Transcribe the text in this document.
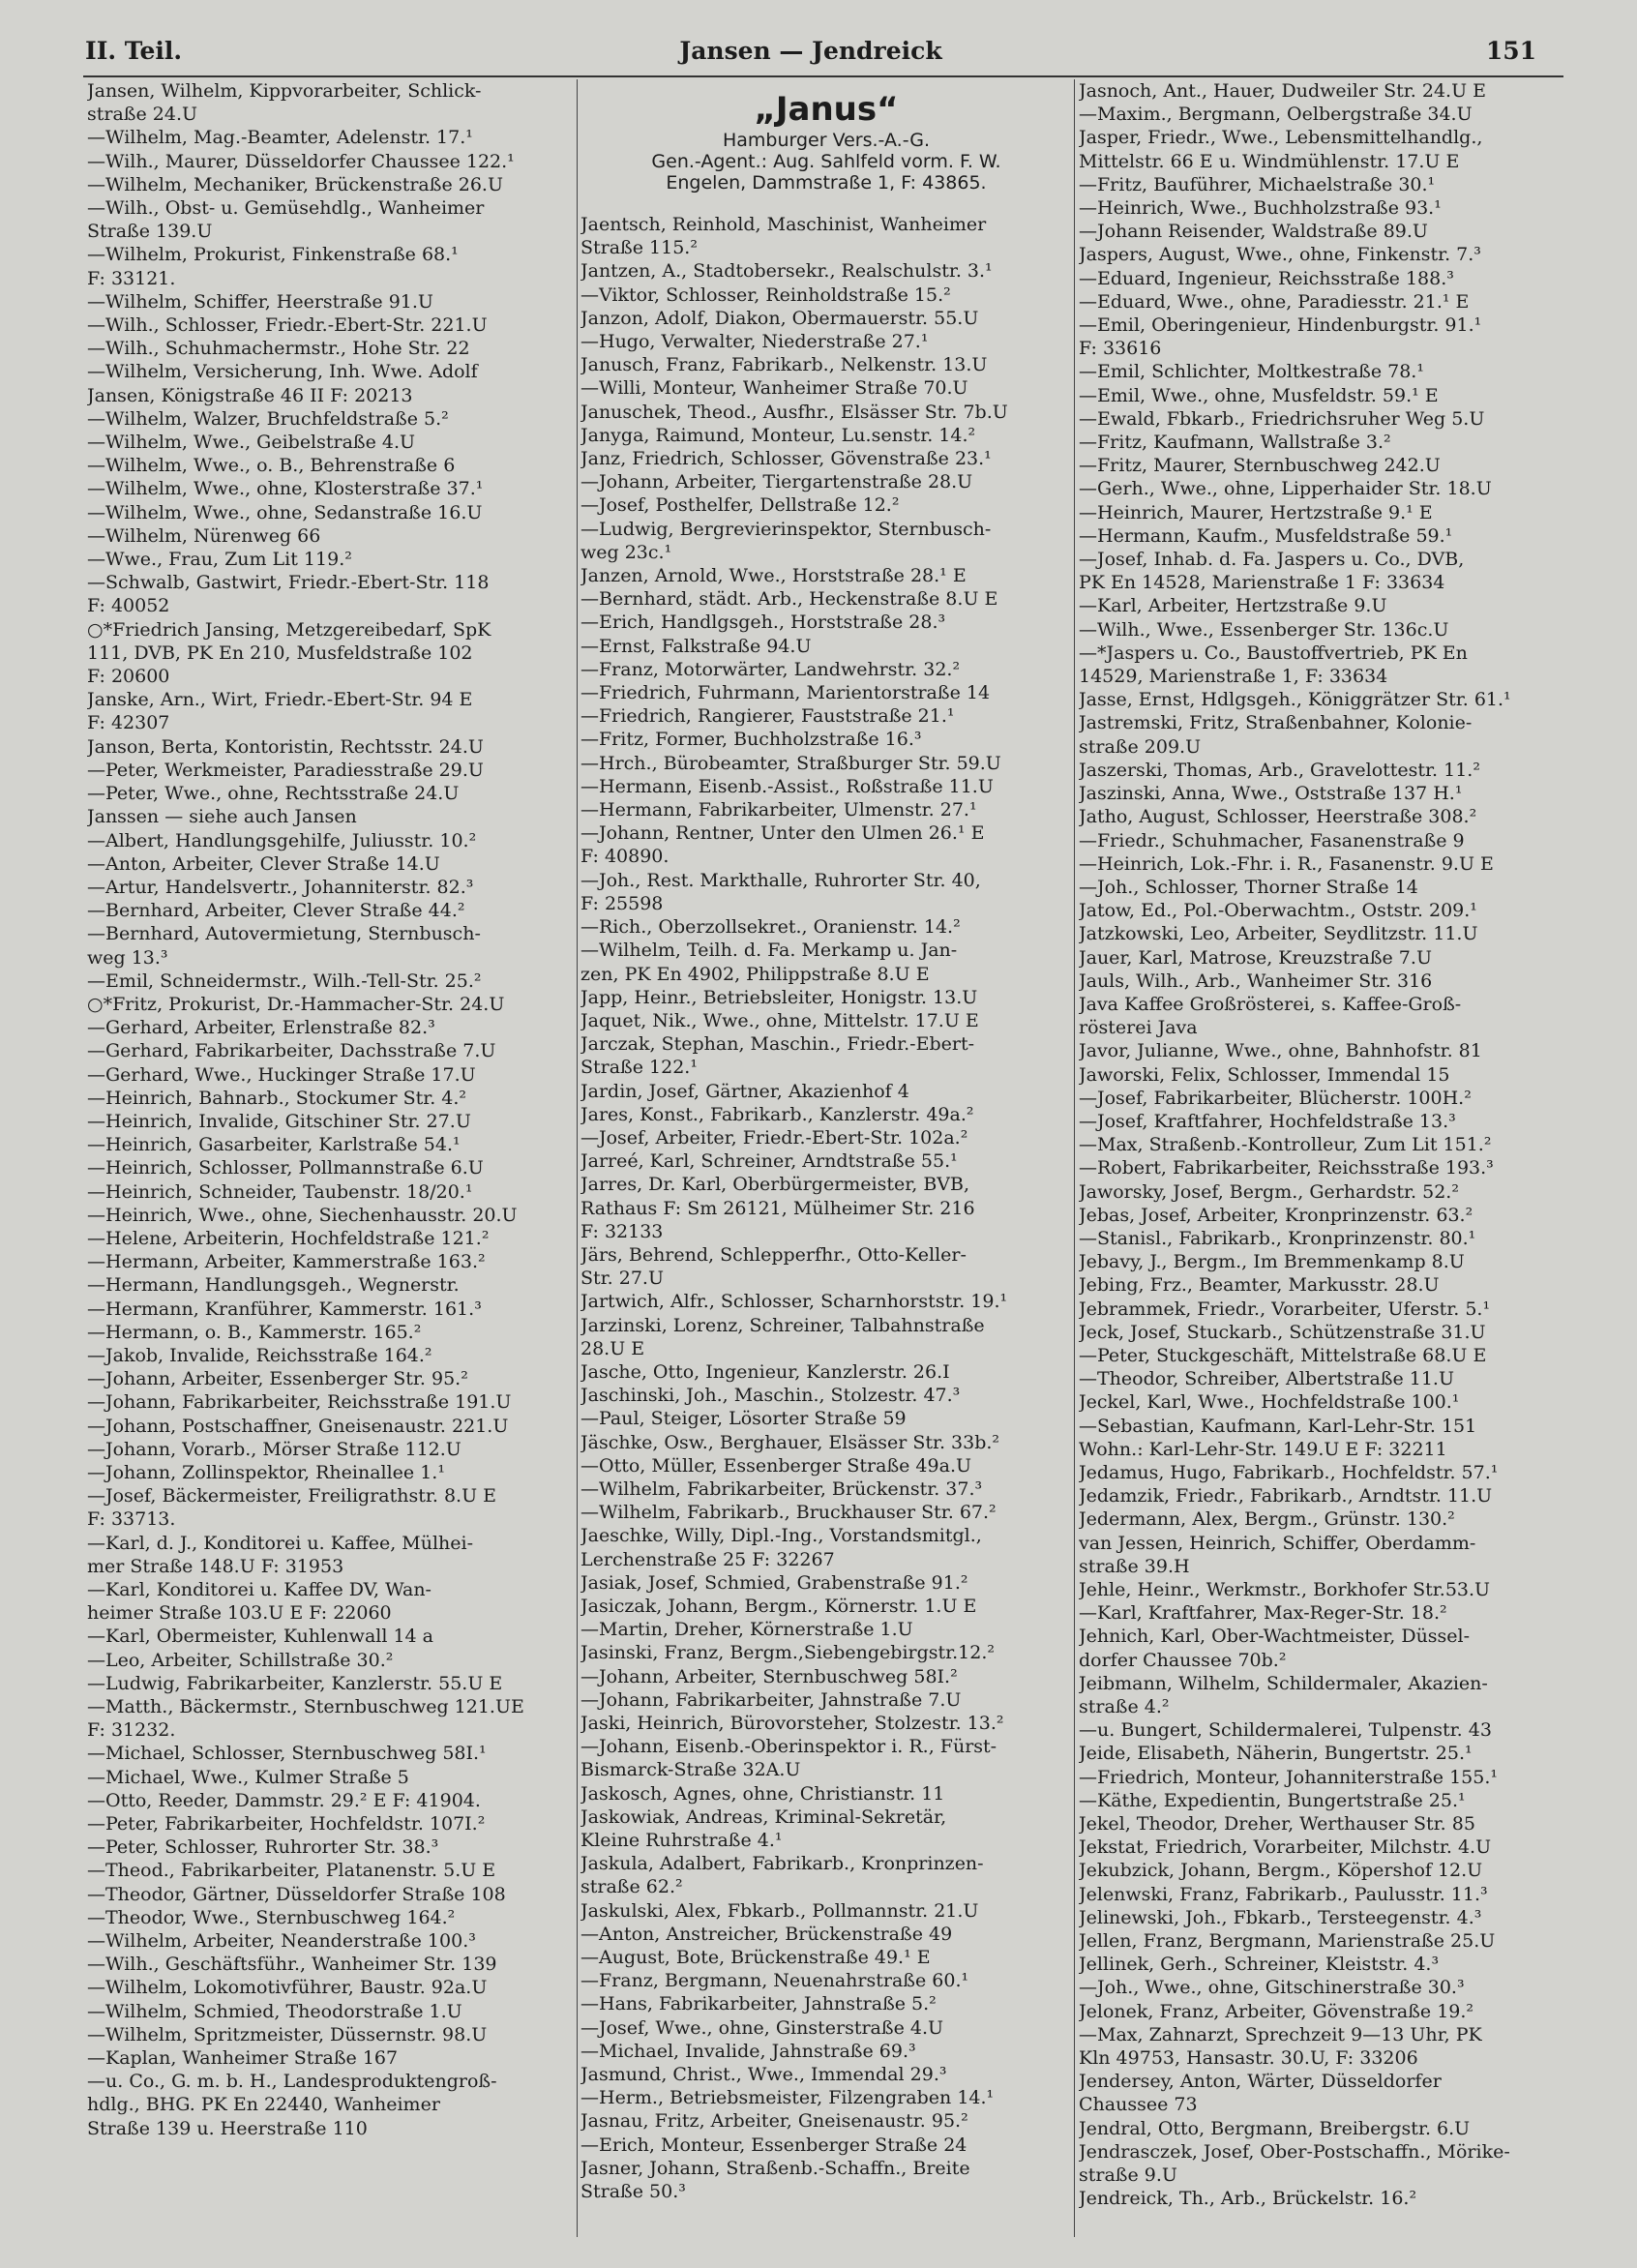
II. Teil.	Jansen — Jendreick	151
Jansen, Wilhelm, Kippvorarbeiter, Schlick-
straße 24.U
—Wilhelm, Mag.-Beamter, Adelenstr. 17.¹
—Wilh., Maurer, Düsseldorfer Chaussee 122.¹
—Wilhelm, Mechaniker, Brückenstraße 26.U
—Wilh., Obst- u. Gemüsehdlg., Wanheimer
Straße 139.U
—Wilhelm, Prokurist, Finkenstraße 68.¹
F: 33121.
—Wilhelm, Schiffer, Heerstraße 91.U
—Wilh., Schlosser, Friedr.-Ebert-Str. 221.U
—Wilh., Schuhmachermstr., Hohe Str. 22
—Wilhelm, Versicherung, Inh. Wwe. Adolf
Jansen, Königstraße 46 II F: 20213
—Wilhelm, Walzer, Bruchfeldstraße 5.²
—Wilhelm, Wwe., Geibelstraße 4.U
—Wilhelm, Wwe., o. B., Behrenstraße 6
—Wilhelm, Wwe., ohne, Klosterstraße 37.¹
—Wilhelm, Wwe., ohne, Sedanstraße 16.U
—Wilhelm, Nürenweg 66
—Wwe., Frau, Zum Lit 119.²
—Schwalb, Gastwirt, Friedr.-Ebert-Str. 118
F: 40052
○*Friedrich Jansing, Metzgereibedarf, SpK
111, DVB, PK En 210, Musfeldstraße 102
F: 20600
Janske, Arn., Wirt, Friedr.-Ebert-Str. 94 E
F: 42307
Janson, Berta, Kontoristin, Rechtsstr. 24.U
—Peter, Werkmeister, Paradiesstraße 29.U
—Peter, Wwe., ohne, Rechtsstraße 24.U
Janssen — siehe auch Jansen
—Albert, Handlungsgehilfe, Juliusstr. 10.²
—Anton, Arbeiter, Clever Straße 14.U
—Artur, Handelsvertr., Johanniterstr. 82.³
—Bernhard, Arbeiter, Clever Straße 44.²
—Bernhard, Autovermietung, Sternbusch-
weg 13.³
—Emil, Schneidermstr., Wilh.-Tell-Str. 25.²
○*Fritz, Prokurist, Dr.-Hammacher-Str. 24.U
—Gerhard, Arbeiter, Erlenstraße 82.³
—Gerhard, Fabrikarbeiter, Dachsstraße 7.U
—Gerhard, Wwe., Huckinger Straße 17.U
—Heinrich, Bahnarb., Stockumer Str. 4.²
—Heinrich, Invalide, Gitschiner Str. 27.U
—Heinrich, Gasarbeiter, Karlstraße 54.¹
—Heinrich, Schlosser, Pollmannstraße 6.U
—Heinrich, Schneider, Taubenstr. 18/20.¹
—Heinrich, Wwe., ohne, Siechenhausstr. 20.U
—Helene, Arbeiterin, Hochfeldstraße 121.²
—Hermann, Arbeiter, Kammerstraße 163.²
—Hermann, Handlungsgeh., Wegnerstr.
—Hermann, Kranführer, Kammerstr. 161.³
—Hermann, o. B., Kammerstr. 165.²
—Jakob, Invalide, Reichsstraße 164.²
—Johann, Arbeiter, Essenberger Str. 95.²
—Johann, Fabrikarbeiter, Reichsstraße 191.U
—Johann, Postschaffner, Gneisenaustr. 221.U
—Johann, Vorarb., Mörser Straße 112.U
—Johann, Zollinspektor, Rheinallee 1.¹
—Josef, Bäckermeister, Freiligrathstr. 8.U E
F: 33713.
—Karl, d. J., Konditorei u. Kaffee, Mülhei-
mer Straße 148.U F: 31953
—Karl, Konditorei u. Kaffee DV, Wan-
heimer Straße 103.U E F: 22060
—Karl, Obermeister, Kuhlenwall 14 a
—Leo, Arbeiter, Schillstraße 30.²
—Ludwig, Fabrikarbeiter, Kanzlerstr. 55.U E
—Matth., Bäckermstr., Sternbuschweg 121.UE
F: 31232.
—Michael, Schlosser, Sternbuschweg 58I.¹
—Michael, Wwe., Kulmer Straße 5
—Otto, Reeder, Dammstr. 29.² E F: 41904.
—Peter, Fabrikarbeiter, Hochfeldstr. 107I.²
—Peter, Schlosser, Ruhrorter Str. 38.³
—Theod., Fabrikarbeiter, Platanenstr. 5.U E
—Theodor, Gärtner, Düsseldorfer Straße 108
—Theodor, Wwe., Sternbuschweg 164.²
—Wilhelm, Arbeiter, Neanderstraße 100.³
—Wilh., Geschäftsführ., Wanheimer Str. 139
—Wilhelm, Lokomotivführer, Baustr. 92a.U
—Wilhelm, Schmied, Theodorstraße 1.U
—Wilhelm, Spritzmeister, Düssernstr. 98.U
—Kaplan, Wanheimer Straße 167
—u. Co., G. m. b. H., Landesproduktengroß-
hdlg., BHG. PK En 22440, Wanheimer
Straße 139 u. Heerstraße 110
„Janus“
Hamburger Vers.-A.-G.
Gen.-Agent.: Aug. Sahlfeld vorm. F. W.
Engelen, Dammstraße 1, F: 43865.
Jaentsch, Reinhold, Maschinist, Wanheimer
Straße 115.²
Jantzen, A., Stadtobersekr., Realschulstr. 3.¹
—Viktor, Schlosser, Reinholdstraße 15.²
Janzon, Adolf, Diakon, Obermauerstr. 55.U
—Hugo, Verwalter, Niederstraße 27.¹
Janusch, Franz, Fabrikarb., Nelkenstr. 13.U
—Willi, Monteur, Wanheimer Straße 70.U
Januschek, Theod., Ausfhr., Elsässer Str. 7b.U
Janyga, Raimund, Monteur, Lu.senstr. 14.²
Janz, Friedrich, Schlosser, Gövenstraße 23.¹
—Johann, Arbeiter, Tiergartenstraße 28.U
—Josef, Posthelfer, Dellstraße 12.²
—Ludwig, Bergrevierinspektor, Sternbusch-
weg 23c.¹
Janzen, Arnold, Wwe., Horststraße 28.¹ E
—Bernhard, städt. Arb., Heckenstraße 8.U E
—Erich, Handlgsgeh., Horststraße 28.³
—Ernst, Falkstraße 94.U
—Franz, Motorwärter, Landwehrstr. 32.²
—Friedrich, Fuhrmann, Marientorstraße 14
—Friedrich, Rangierer, Fauststraße 21.¹
—Fritz, Former, Buchholzstraße 16.³
—Hrch., Bürobeamter, Straßburger Str. 59.U
—Hermann, Eisenb.-Assist., Roßstraße 11.U
—Hermann, Fabrikarbeiter, Ulmenstr. 27.¹
—Johann, Rentner, Unter den Ulmen 26.¹ E
F: 40890.
—Joh., Rest. Markthalle, Ruhrorter Str. 40,
F: 25598
—Rich., Oberzollsekret., Oranienstr. 14.²
—Wilhelm, Teilh. d. Fa. Merkamp u. Jan-
zen, PK En 4902, Philippstraße 8.U E
Japp, Heinr., Betriebsleiter, Honigstr. 13.U
Jaquet, Nik., Wwe., ohne, Mittelstr. 17.U E
Jarczak, Stephan, Maschin., Friedr.-Ebert-
Straße 122.¹
Jardin, Josef, Gärtner, Akazienhof 4
Jares, Konst., Fabrikarb., Kanzlerstr. 49a.²
—Josef, Arbeiter, Friedr.-Ebert-Str. 102a.²
Jarreé, Karl, Schreiner, Arndtstraße 55.¹
Jarres, Dr. Karl, Oberbürgermeister, BVB,
Rathaus F: Sm 26121, Mülheimer Str. 216
F: 32133
Järs, Behrend, Schlepperfhr., Otto-Keller-
Str. 27.U
Jartwich, Alfr., Schlosser, Scharnhorststr. 19.¹
Jarzinski, Lorenz, Schreiner, Talbahnstraße
28.U E
Jasche, Otto, Ingenieur, Kanzlerstr. 26.I
Jaschinski, Joh., Maschin., Stolzestr. 47.³
—Paul, Steiger, Lösorter Straße 59
Jäschke, Osw., Berghauer, Elsässer Str. 33b.²
—Otto, Müller, Essenberger Straße 49a.U
—Wilhelm, Fabrikarbeiter, Brückenstr. 37.³
—Wilhelm, Fabrikarb., Bruckhauser Str. 67.²
Jaeschke, Willy, Dipl.-Ing., Vorstandsmitgl.,
Lerchenstraße 25 F: 32267
Jasiak, Josef, Schmied, Grabenstraße 91.²
Jasiczak, Johann, Bergm., Körnerstr. 1.U E
—Martin, Dreher, Körnerstraße 1.U
Jasinski, Franz, Bergm.,Siebengebirgstr.12.²
—Johann, Arbeiter, Sternbuschweg 58I.²
—Johann, Fabrikarbeiter, Jahnstraße 7.U
Jaski, Heinrich, Bürovorsteher, Stolzestr. 13.²
—Johann, Eisenb.-Oberinspektor i. R., Fürst-
Bismarck-Straße 32A.U
Jaskosch, Agnes, ohne, Christianstr. 11
Jaskowiak, Andreas, Kriminal-Sekretär,
Kleine Ruhrstraße 4.¹
Jaskula, Adalbert, Fabrikarb., Kronprinzen-
straße 62.²
Jaskulski, Alex, Fbkarb., Pollmannstr. 21.U
—Anton, Anstreicher, Brückenstraße 49
—August, Bote, Brückenstraße 49.¹ E
—Franz, Bergmann, Neuenahrstraße 60.¹
—Hans, Fabrikarbeiter, Jahnstraße 5.²
—Josef, Wwe., ohne, Ginsterstraße 4.U
—Michael, Invalide, Jahnstraße 69.³
Jasmund, Christ., Wwe., Immendal 29.³
—Herm., Betriebsmeister, Filzengraben 14.¹
Jasnau, Fritz, Arbeiter, Gneisenaustr. 95.²
—Erich, Monteur, Essenberger Straße 24
Jasner, Johann, Straßenb.-Schaffn., Breite
Straße 50.³
Jasnoch, Ant., Hauer, Dudweiler Str. 24.U E
—Maxim., Bergmann, Oelbergstraße 34.U
Jasper, Friedr., Wwe., Lebensmittelhandlg.,
Mittelstr. 66 E u. Windmühlenstr. 17.U E
—Fritz, Bauführer, Michaelstraße 30.¹
—Heinrich, Wwe., Buchholzstraße 93.¹
—Johann Reisender, Waldstraße 89.U
Jaspers, August, Wwe., ohne, Finkenstr. 7.³
—Eduard, Ingenieur, Reichsstraße 188.³
—Eduard, Wwe., ohne, Paradiesstr. 21.¹ E
—Emil, Oberingenieur, Hindenburgstr. 91.¹
F: 33616
—Emil, Schlichter, Moltkestraße 78.¹
—Emil, Wwe., ohne, Musfeldstr. 59.¹ E
—Ewald, Fbkarb., Friedrichsruher Weg 5.U
—Fritz, Kaufmann, Wallstraße 3.²
—Fritz, Maurer, Sternbuschweg 242.U
—Gerh., Wwe., ohne, Lipperhaider Str. 18.U
—Heinrich, Maurer, Hertzstraße 9.¹ E
—Hermann, Kaufm., Musfeldstraße 59.¹
—Josef, Inhab. d. Fa. Jaspers u. Co., DVB,
PK En 14528, Marienstraße 1 F: 33634
—Karl, Arbeiter, Hertzstraße 9.U
—Wilh., Wwe., Essenberger Str. 136c.U
—*Jaspers u. Co., Baustoffvertrieb, PK En
14529, Marienstraße 1, F: 33634
Jasse, Ernst, Hdlgsgeh., Königgrätzer Str. 61.¹
Jastremski, Fritz, Straßenbahner, Kolonie-
straße 209.U
Jaszerski, Thomas, Arb., Gravelottestr. 11.²
Jaszinski, Anna, Wwe., Oststraße 137 H.¹
Jatho, August, Schlosser, Heerstraße 308.²
—Friedr., Schuhmacher, Fasanenstraße 9
—Heinrich, Lok.-Fhr. i. R., Fasanenstr. 9.U E
—Joh., Schlosser, Thorner Straße 14
Jatow, Ed., Pol.-Oberwachtm., Oststr. 209.¹
Jatzkowski, Leo, Arbeiter, Seydlitzstr. 11.U
Jauer, Karl, Matrose, Kreuzstraße 7.U
Jauls, Wilh., Arb., Wanheimer Str. 316
Java Kaffee Großrösterei, s. Kaffee-Groß-
rösterei Java
Javor, Julianne, Wwe., ohne, Bahnhofstr. 81
Jaworski, Felix, Schlosser, Immendal 15
—Josef, Fabrikarbeiter, Blücherstr. 100H.²
—Josef, Kraftfahrer, Hochfeldstraße 13.³
—Max, Straßenb.-Kontrolleur, Zum Lit 151.²
—Robert, Fabrikarbeiter, Reichsstraße 193.³
Jaworsky, Josef, Bergm., Gerhardstr. 52.²
Jebas, Josef, Arbeiter, Kronprinzenstr. 63.²
—Stanisl., Fabrikarb., Kronprinzenstr. 80.¹
Jebavy, J., Bergm., Im Bremmenkamp 8.U
Jebing, Frz., Beamter, Markusstr. 28.U
Jebrammek, Friedr., Vorarbeiter, Uferstr. 5.¹
Jeck, Josef, Stuckarb., Schützenstraße 31.U
—Peter, Stuckgeschäft, Mittelstraße 68.U E
—Theodor, Schreiber, Albertstraße 11.U
Jeckel, Karl, Wwe., Hochfeldstraße 100.¹
—Sebastian, Kaufmann, Karl-Lehr-Str. 151
Wohn.: Karl-Lehr-Str. 149.U E F: 32211
Jedamus, Hugo, Fabrikarb., Hochfeldstr. 57.¹
Jedamzik, Friedr., Fabrikarb., Arndtstr. 11.U
Jedermann, Alex, Bergm., Grünstr. 130.²
van Jessen, Heinrich, Schiffer, Oberdamm-
straße 39.H
Jehle, Heinr., Werkmstr., Borkhofer Str.53.U
—Karl, Kraftfahrer, Max-Reger-Str. 18.²
Jehnich, Karl, Ober-Wachtmeister, Düssel-
dorfer Chaussee 70b.²
Jeibmann, Wilhelm, Schildermaler, Akazien-
straße 4.²
—u. Bungert, Schildermalerei, Tulpenstr. 43
Jeide, Elisabeth, Näherin, Bungertstr. 25.¹
—Friedrich, Monteur, Johanniterstraße 155.¹
—Käthe, Expedientin, Bungertstraße 25.¹
Jekel, Theodor, Dreher, Werthauser Str. 85
Jekstat, Friedrich, Vorarbeiter, Milchstr. 4.U
Jekubzick, Johann, Bergm., Köpershof 12.U
Jelenwski, Franz, Fabrikarb., Paulusstr. 11.³
Jelinewski, Joh., Fbkarb., Tersteegenstr. 4.³
Jellen, Franz, Bergmann, Marienstraße 25.U
Jellinek, Gerh., Schreiner, Kleiststr. 4.³
—Joh., Wwe., ohne, Gitschinerstraße 30.³
Jelonek, Franz, Arbeiter, Gövenstraße 19.²
—Max, Zahnarzt, Sprechzeit 9—13 Uhr, PK
Kln 49753, Hansastr. 30.U, F: 33206
Jendersey, Anton, Wärter, Düsseldorfer
Chaussee 73
Jendral, Otto, Bergmann, Breibergstr. 6.U
Jendrasczek, Josef, Ober-Postschaffn., Mörike-
straße 9.U
Jendreick, Th., Arb., Brückelstr. 16.²
